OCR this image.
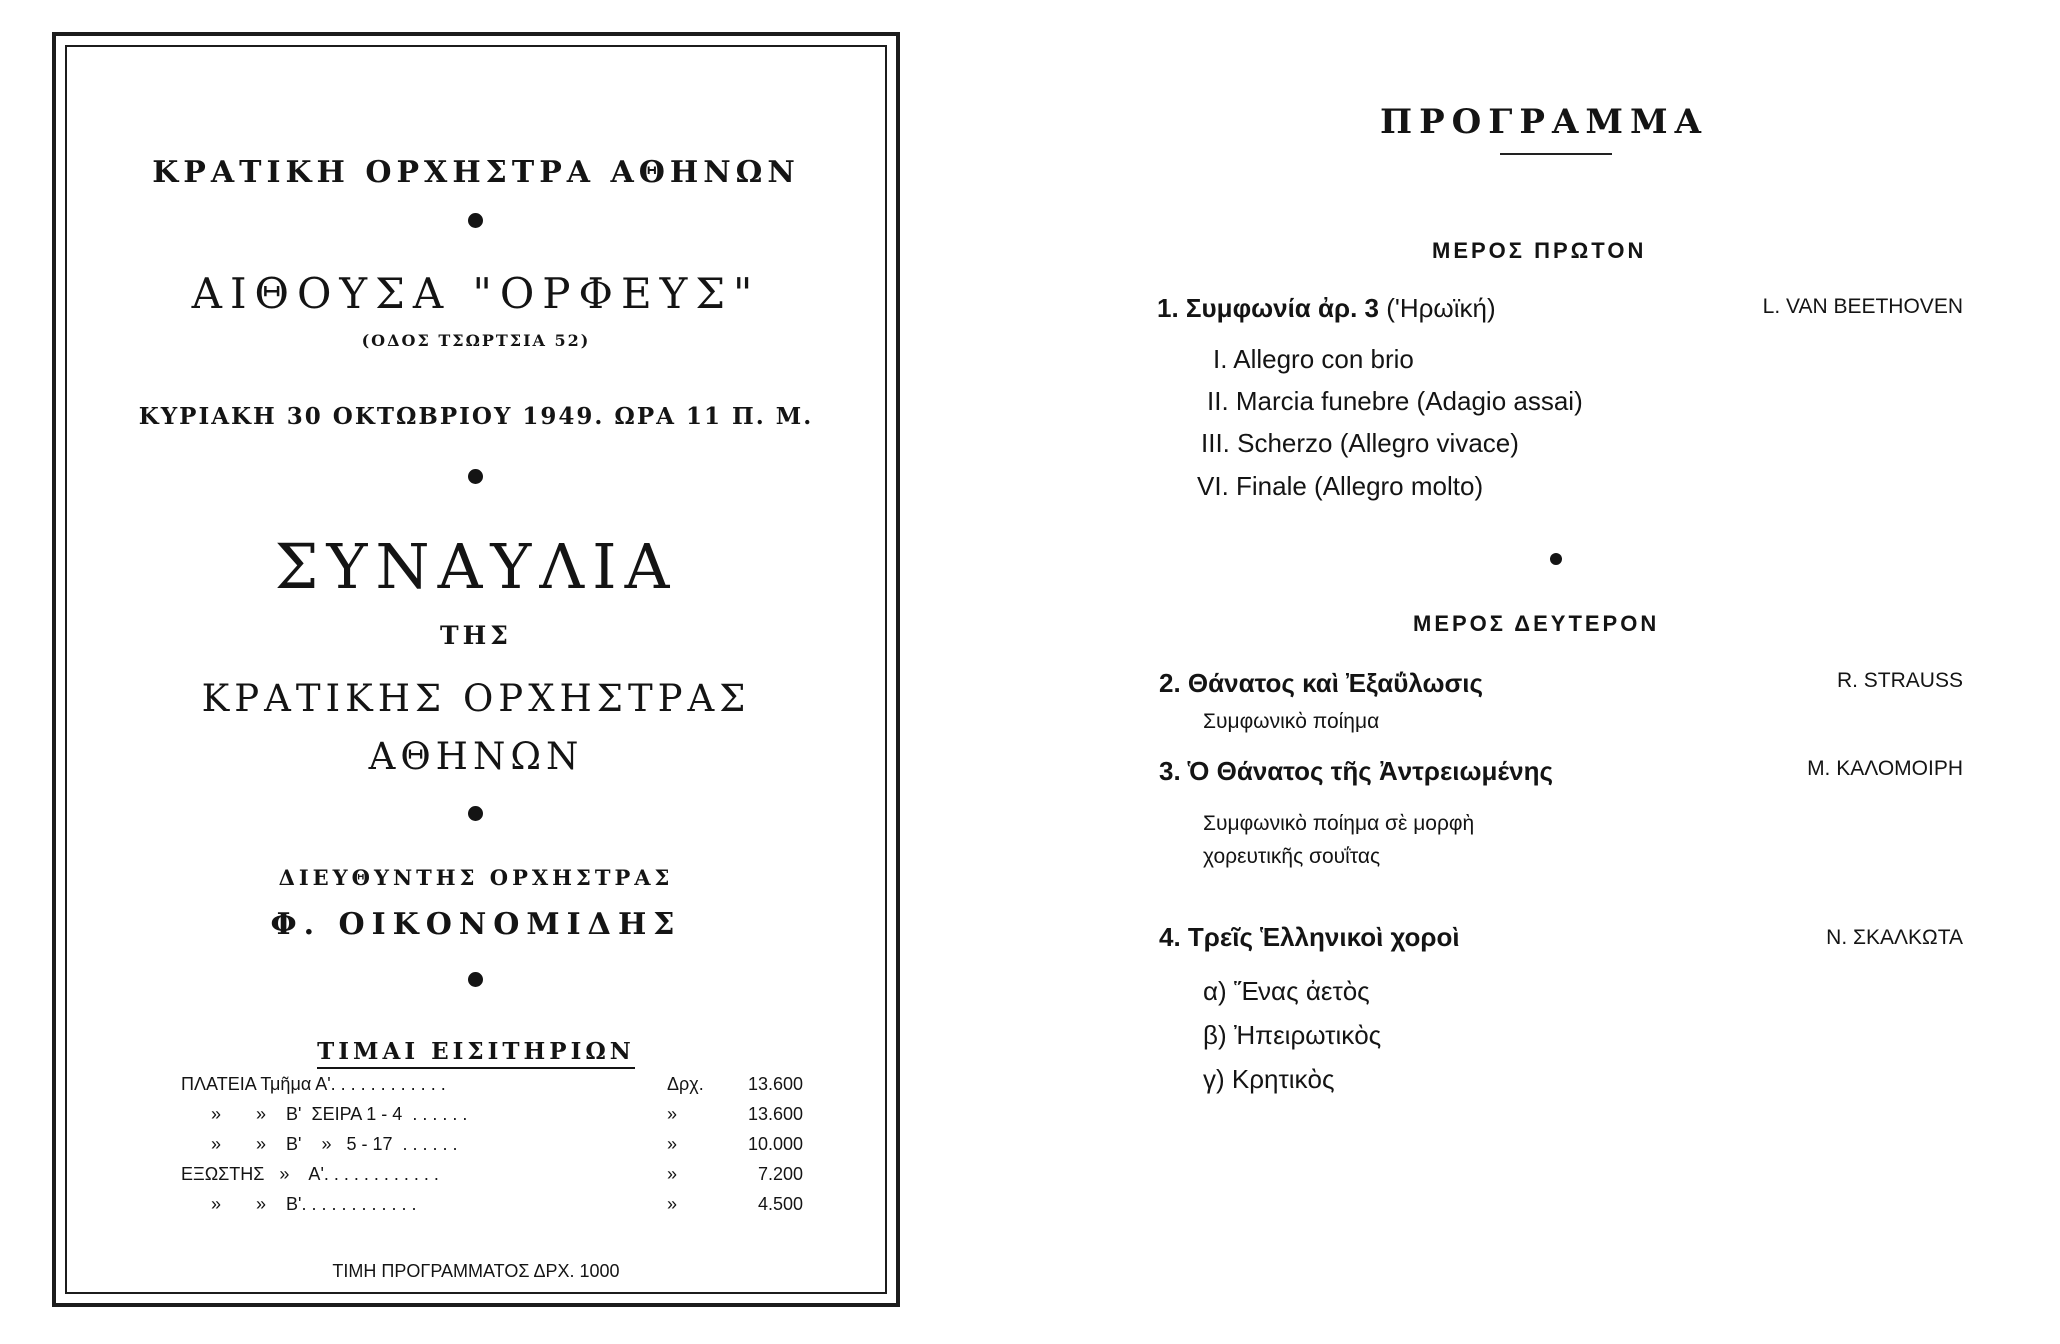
ΚΡΑΤΙΚΗ ΟΡΧΗΣΤΡΑ ΑΘΗΝΩΝ
ΑΙΘΟΥΣΑ "ΟΡΦΕΥΣ"
(ΟΔΟΣ ΤΣΩΡΤΣΙΑ 52)
ΚΥΡΙΑΚΗ 30 ΟΚΤΩΒΡΙΟΥ 1949. ΩΡΑ 11 Π. Μ.
ΣΥΝΑΥΛΙΑ
ΤΗΣ
ΚΡΑΤΙΚΗΣ ΟΡΧΗΣΤΡΑΣ
ΑΘΗΝΩΝ
ΔΙΕΥΘΥΝΤΗΣ ΟΡΧΗΣΤΡΑΣ
Φ. ΟΙΚΟΝΟΜΙΔΗΣ
ΤΙΜΑΙ ΕΙΣΙΤΗΡΙΩΝ
ΠΛΑΤΕΙΑ Τμῆμα Α'. . . . . . . . . . . .	Δρχ. 13.600
»       »    Β'  ΣΕΙΡΑ 1 - 4  . . . . . .	»	13.600
»       »    Β'    »   5 - 17  . . . . . .	»	10.000
ΕΞΩΣΤΗΣ   »    Α'. . . . . . . . . . . .	»	7.200
»       »    Β'. . . . . . . . . . . .	»	4.500
ΤΙΜΗ ΠΡΟΓΡΑΜΜΑΤΟΣ ΔΡΧ. 1000
ΠΡΟΓΡΑΜΜΑ
ΜΕΡΟΣ ΠΡΩΤΟΝ
1. Συμφωνία ἀρ. 3 ('Ηρωϊκή)	L. VAN BEETHOVEN
I. Allegro con brio
II. Marcia funebre (Adagio assai)
III. Scherzo (Allegro vivace)
VI. Finale (Allegro molto)
ΜΕΡΟΣ ΔΕΥΤΕΡΟΝ
2. Θάνατος καὶ Ἐξαΰλωσις	R. STRAUSS
Συμφωνικὸ ποίημα
3. Ὁ Θάνατος τῆς Ἀντρειωμένης	Μ. ΚΑΛΟΜΟΙΡΗ
Συμφωνικὸ ποίημα σὲ μορφὴ
χορευτικῆς σουΐτας
4. Τρεῖς Ἑλληνικοὶ χοροὶ	Ν. ΣΚΑΛΚΩΤΑ
α) Ἕνας ἀετὸς
β) Ἠπειρωτικὸς
γ) Κρητικὸς
